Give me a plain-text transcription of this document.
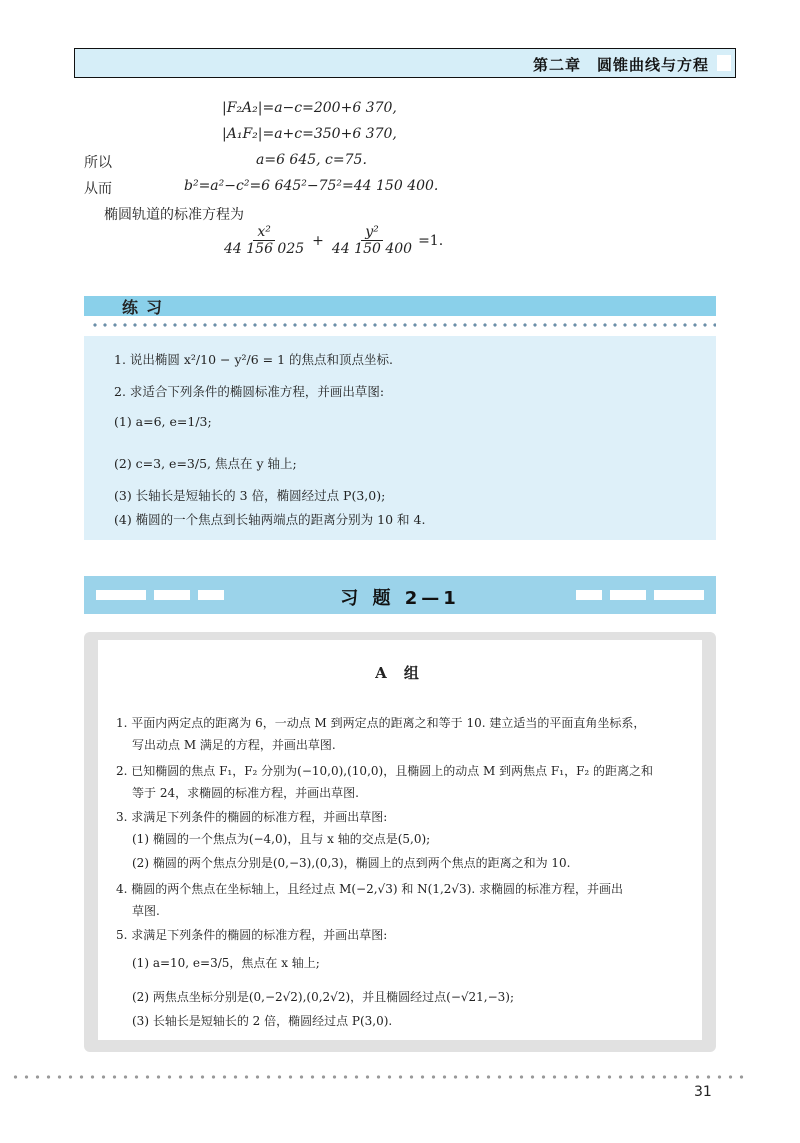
第二章　圆锥曲线与方程
|F₂A₂|=a−c=200+6 370,
|A₁F₂|=a+c=350+6 370,
所以	a=6 645, c=75.
从而	b²=a²−c²=6 645²−75²=44 150 400.
椭圆轨道的标准方程为
$\frac{\text{x²}}{44 156 025} + \frac{\text{y²}}{44 150 400} =1$.
练习
1. 说出椭圆 x²/10 − y²/6 = 1 的焦点和顶点坐标.
2. 求适合下列条件的椭圆标准方程，并画出草图:
(1) a=6, e=1/3;
(2) c=3, e=3/5, 焦点在 y 轴上;
(3) 长轴长是短轴长的 3 倍，椭圆经过点 P(3,0);
(4) 椭圆的一个焦点到长轴两端点的距离分别为 10 和 4.
习 题 2—1
A 组
1. 平面内两定点的距离为 6，一动点 M 到两定点的距离之和等于 10. 建立适当的平面直角坐标系，
写出动点 M 满足的方程，并画出草图.
2. 已知椭圆的焦点 F₁，F₂ 分别为(−10,0),(10,0)，且椭圆上的动点 M 到两焦点 F₁，F₂ 的距离之和
等于 24，求椭圆的标准方程，并画出草图.
3. 求满足下列条件的椭圆的标准方程，并画出草图:
(1) 椭圆的一个焦点为(−4,0)，且与 x 轴的交点是(5,0);
(2) 椭圆的两个焦点分别是(0,−3),(0,3)，椭圆上的点到两个焦点的距离之和为 10.
4. 椭圆的两个焦点在坐标轴上，且经过点 M(−2,√3) 和 N(1,2√3). 求椭圆的标准方程，并画出
草图.
5. 求满足下列条件的椭圆的标准方程，并画出草图:
(1) a=10, e=3/5，焦点在 x 轴上;
(2) 两焦点坐标分别是(0,−2√2),(0,2√2)，并且椭圆经过点(−√21,−3);
(3) 长轴长是短轴长的 2 倍，椭圆经过点 P(3,0).
31
